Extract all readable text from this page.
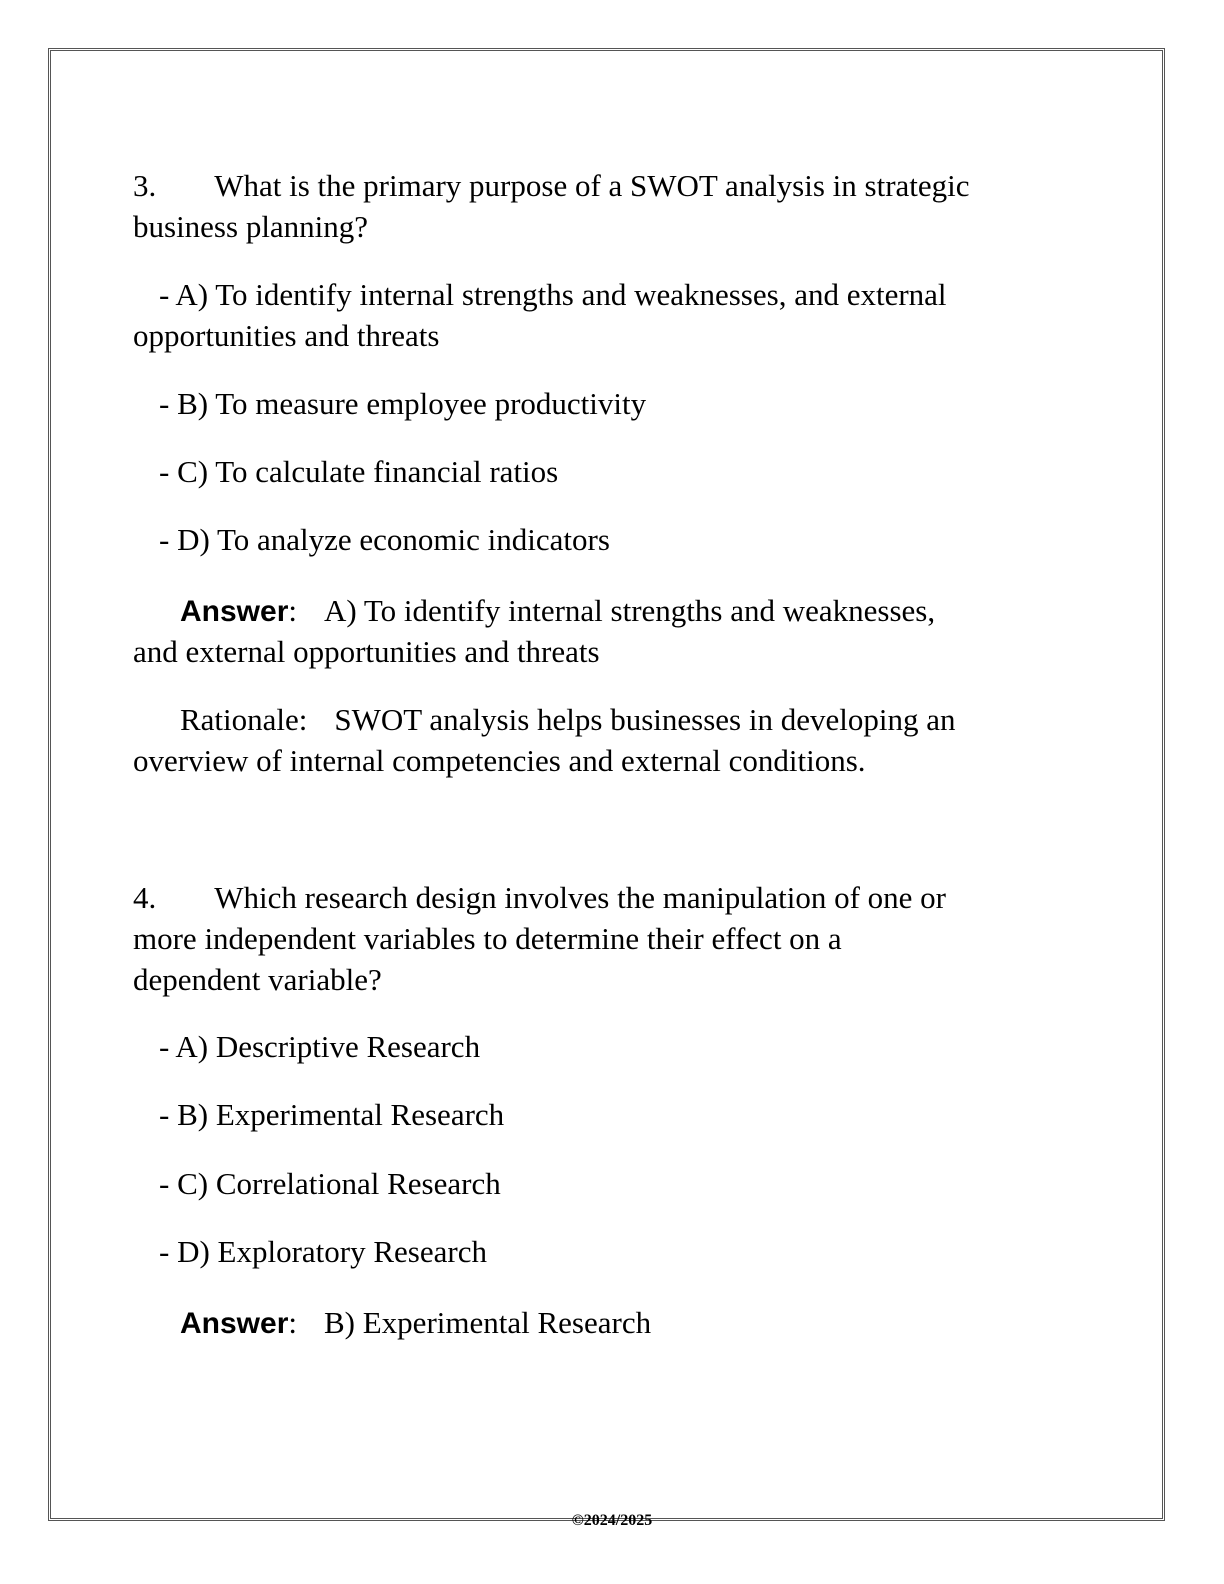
3. What is the primary purpose of a SWOT analysis in strategic

business planning?

- A) To identify internal strengths and weaknesses, and external

opportunities and threats

- B) To measure employee productivity

- C) To calculate financial ratios

- D) To analyze economic indicators

Answer: A) To identify internal strengths and weaknesses,

and external opportunities and threats

Rationale: SWOT analysis helps businesses in developing an

overview of internal competencies and external conditions.

4. Which research design involves the manipulation of one or

more independent variables to determine their effect on a

dependent variable?

- A) Descriptive Research

- B) Experimental Research

- C) Correlational Research

- D) Exploratory Research

Answer: B) Experimental Research

©2024/2025
